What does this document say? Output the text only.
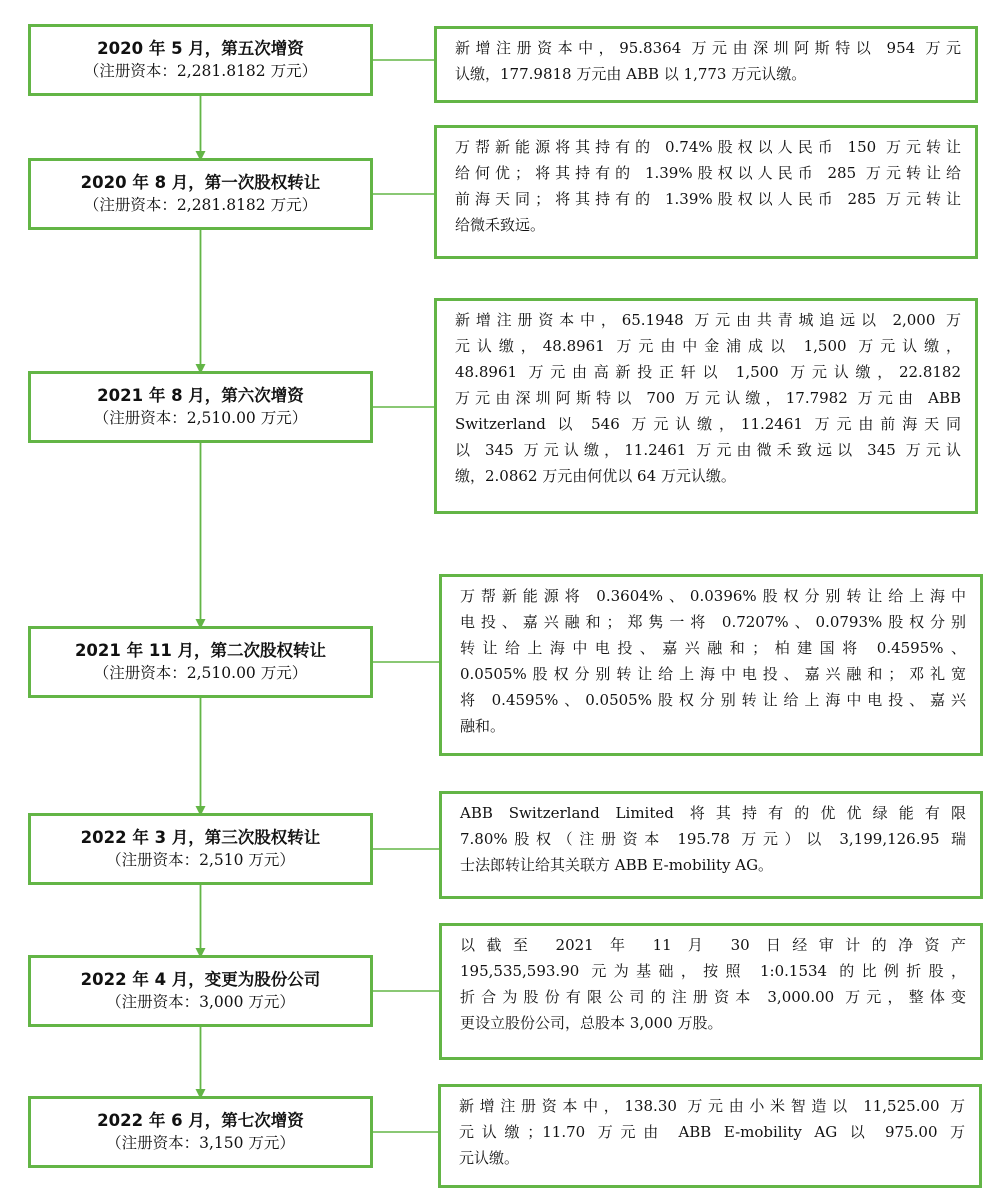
2020 年 5 月，第五次增资
（注册资本：2,281.8182 万元）
新增注册资本中，95.8364 万元由深圳阿斯特以 954 万元
认缴，177.9818 万元由 ABB 以 1,773 万元认缴。
2020 年 8 月，第一次股权转让
（注册资本：2,281.8182 万元）
万帮新能源将其持有的 0.74%股权以人民币 150 万元转让
给何优；将其持有的 1.39%股权以人民币 285 万元转让给
前海天同；将其持有的 1.39%股权以人民币 285 万元转让
给微禾致远。
2021 年 8 月，第六次增资
（注册资本：2,510.00 万元）
新增注册资本中，65.1948 万元由共青城追远以 2,000 万
元认缴，48.8961 万元由中金浦成以 1,500 万元认缴，
48.8961 万元由高新投正轩以 1,500 万元认缴，22.8182
万元由深圳阿斯特以 700 万元认缴，17.7982 万元由 ABB
Switzerland 以 546 万元认缴，11.2461 万元由前海天同
以 345 万元认缴，11.2461 万元由微禾致远以 345 万元认
缴，2.0862 万元由何优以 64 万元认缴。
2021 年 11 月，第二次股权转让
（注册资本：2,510.00 万元）
万帮新能源将 0.3604%、0.0396%股权分别转让给上海中
电投、嘉兴融和；郑隽一将 0.7207%、0.0793%股权分别
转让给上海中电投、嘉兴融和；柏建国将 0.4595%、
0.0505%股权分别转让给上海中电投、嘉兴融和；邓礼宽
将 0.4595%、0.0505%股权分别转让给上海中电投、嘉兴
融和。
2022 年 3 月，第三次股权转让
（注册资本：2,510 万元）
ABB Switzerland Limited 将其持有的优优绿能有限
7.80%股权（注册资本 195.78 万元）以 3,199,126.95 瑞
士法郎转让给其关联方 ABB E-mobility AG。
2022 年 4 月，变更为股份公司
（注册资本：3,000 万元）
以截至 2021 年 11 月 30 日经审计的净资产
195,535,593.90 元为基础，按照 1:0.1534 的比例折股，
折合为股份有限公司的注册资本 3,000.00 万元，整体变
更设立股份公司，总股本 3,000 万股。
2022 年 6 月，第七次增资
（注册资本：3,150 万元）
新增注册资本中，138.30 万元由小米智造以 11,525.00 万
元认缴；11.70 万元由 ABB E-mobility AG 以 975.00 万
元认缴。
